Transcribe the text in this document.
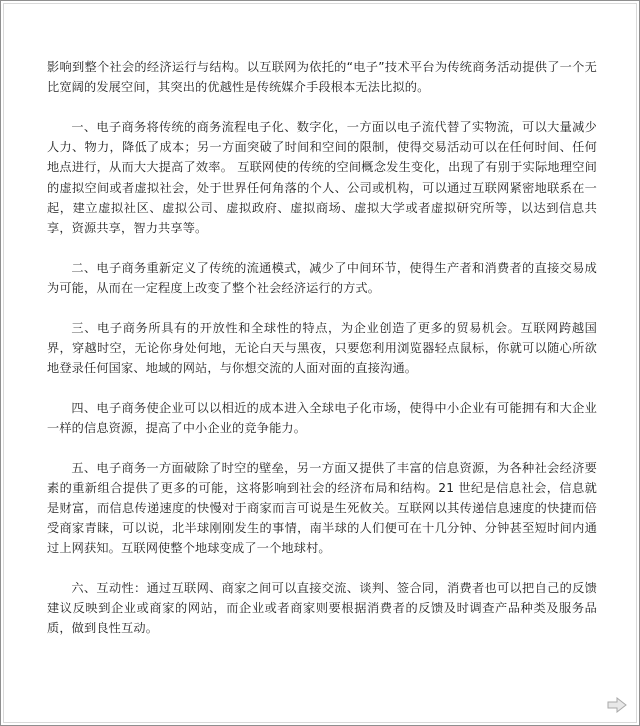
影响到整个社会的经济运行与结构。以互联网为依托的“电子”技术平台为传统商务活动提供了一个无比宽阔的发展空间，其突出的优越性是传统媒介手段根本无法比拟的。

一、电子商务将传统的商务流程电子化、数字化，一方面以电子流代替了实物流，可以大量减少人力、物力，降低了成本；另一方面突破了时间和空间的限制，使得交易活动可以在任何时间、任何地点进行，从而大大提高了效率。 互联网使的传统的空间概念发生变化，出现了有别于实际地理空间的虚拟空间或者虚拟社会，处于世界任何角落的个人、公司或机构，可以通过互联网紧密地联系在一起，建立虚拟社区、虚拟公司、虚拟政府、虚拟商场、虚拟大学或者虚拟研究所等，以达到信息共享，资源共享，智力共享等。

二、电子商务重新定义了传统的流通模式，减少了中间环节，使得生产者和消费者的直接交易成为可能，从而在一定程度上改变了整个社会经济运行的方式。

三、电子商务所具有的开放性和全球性的特点，为企业创造了更多的贸易机会。互联网跨越国界，穿越时空，无论你身处何地，无论白天与黑夜，只要您利用浏览器轻点鼠标，你就可以随心所欲地登录任何国家、地域的网站，与你想交流的人面对面的直接沟通。

四、电子商务使企业可以以相近的成本进入全球电子化市场，使得中小企业有可能拥有和大企业一样的信息资源，提高了中小企业的竞争能力。

五、电子商务一方面破除了时空的壁垒，另一方面又提供了丰富的信息资源，为各种社会经济要素的重新组合提供了更多的可能，这将影响到社会的经济布局和结构。21 世纪是信息社会，信息就是财富，而信息传递速度的快慢对于商家而言可说是生死攸关。互联网以其传递信息速度的快捷而倍受商家青睐，可以说，北半球刚刚发生的事情，南半球的人们便可在十几分钟、分钟甚至短时间内通过上网获知。互联网使整个地球变成了一个地球村。

六、互动性：通过互联网、商家之间可以直接交流、谈判、签合同，消费者也可以把自己的反馈建议反映到企业或商家的网站，而企业或者商家则要根据消费者的反馈及时调查产品种类及服务品质，做到良性互动。
